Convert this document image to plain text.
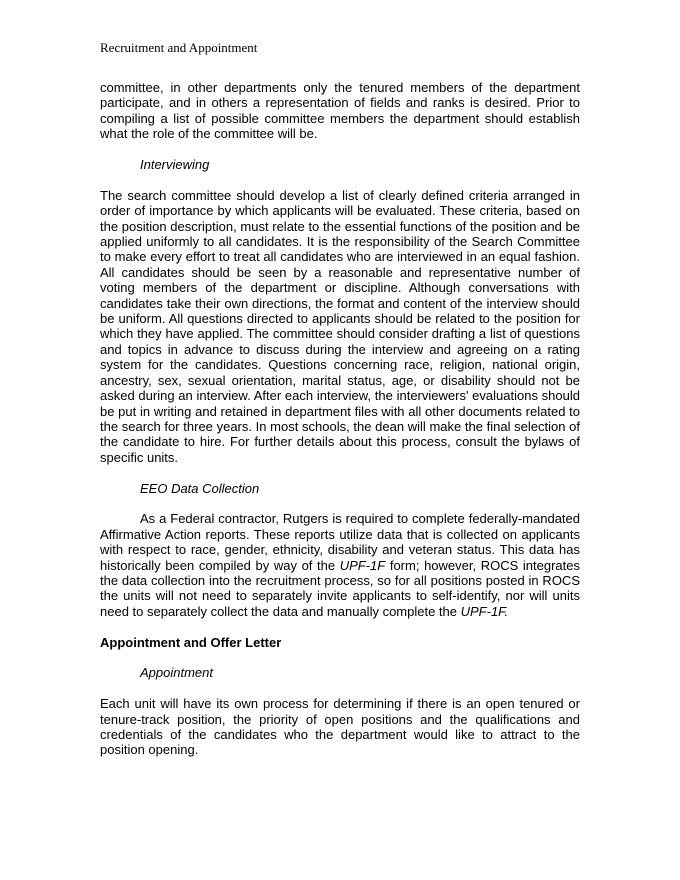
Recruitment and Appointment

committee, in other departments only the tenured members of the department participate, and in others a representation of fields and ranks is desired. Prior to compiling a list of possible committee members the department should establish what the role of the committee will be.

Interviewing

The search committee should develop a list of clearly defined criteria arranged in order of importance by which applicants will be evaluated. These criteria, based on the position description, must relate to the essential functions of the position and be applied uniformly to all candidates. It is the responsibility of the Search Committee to make every effort to treat all candidates who are interviewed in an equal fashion. All candidates should be seen by a reasonable and representative number of voting members of the department or discipline. Although conversations with candidates take their own directions, the format and content of the interview should be uniform. All questions directed to applicants should be related to the position for which they have applied. The committee should consider drafting a list of questions and topics in advance to discuss during the interview and agreeing on a rating system for the candidates. Questions concerning race, religion, national origin, ancestry, sex, sexual orientation, marital status, age, or disability should not be asked during an interview. After each interview, the interviewers' evaluations should be put in writing and retained in department files with all other documents related to the search for three years. In most schools, the dean will make the final selection of the candidate to hire. For further details about this process, consult the bylaws of specific units.

EEO Data Collection

As a Federal contractor, Rutgers is required to complete federally-mandated Affirmative Action reports. These reports utilize data that is collected on applicants with respect to race, gender, ethnicity, disability and veteran status. This data has historically been compiled by way of the UPF-1F form; however, ROCS integrates the data collection into the recruitment process, so for all positions posted in ROCS the units will not need to separately invite applicants to self-identify, nor will units need to separately collect the data and manually complete the UPF-1F.

Appointment and Offer Letter

Appointment

Each unit will have its own process for determining if there is an open tenured or tenure-track position, the priority of open positions and the qualifications and credentials of the candidates who the department would like to attract to the position opening.
